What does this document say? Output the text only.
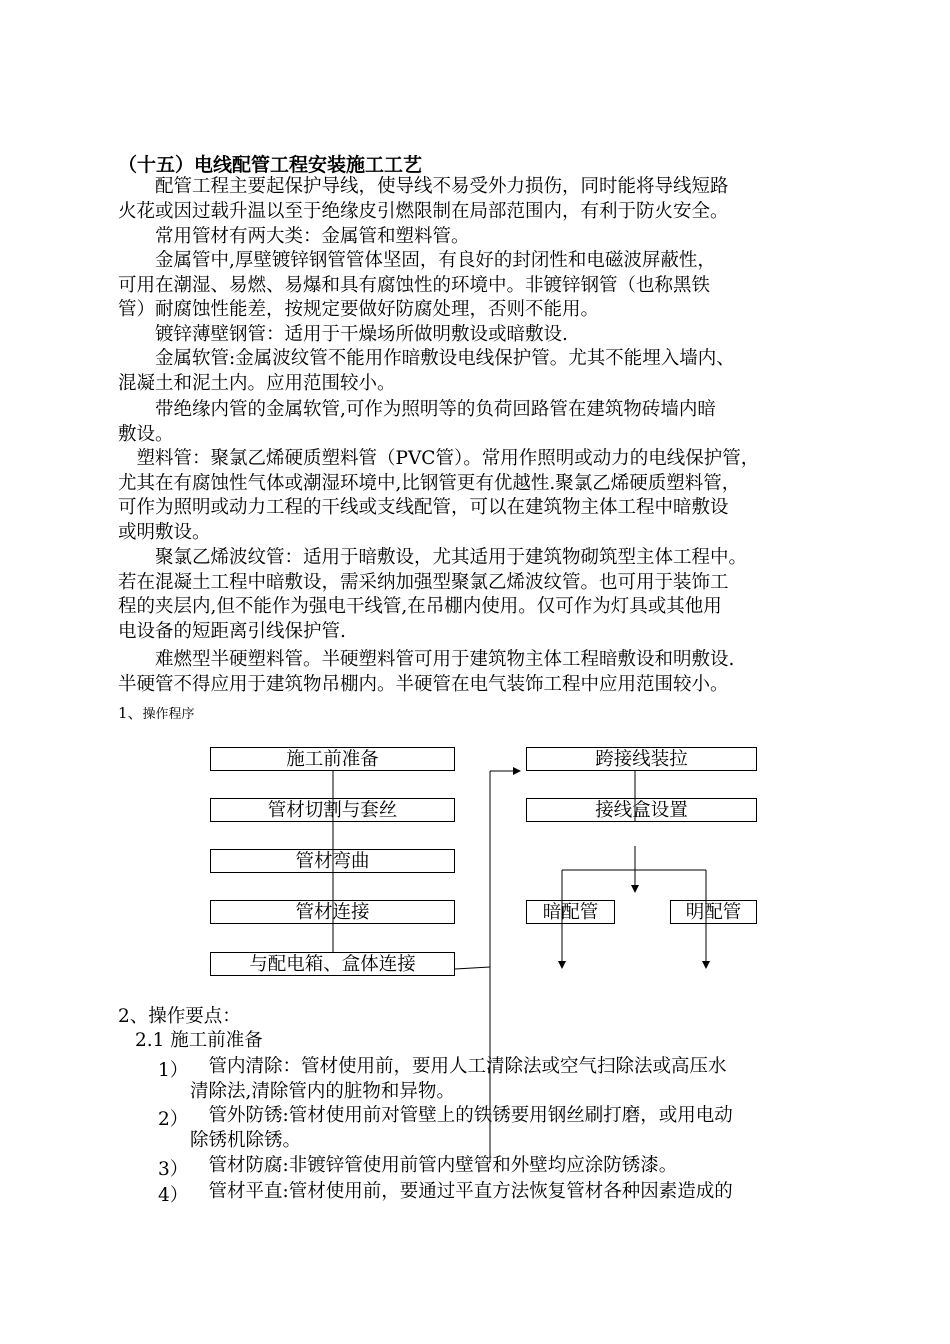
（十五）电线配管工程安装施工工艺
　　配管工程主要起保护导线，使导线不易受外力损伤，同时能将导线短路
火花或因过载升温以至于绝缘皮引燃限制在局部范围内，有利于防火安全。
　　常用管材有两大类：金属管和塑料管。
　　金属管中,厚壁镀锌钢管管体坚固，有良好的封闭性和电磁波屏蔽性，
可用在潮湿、易燃、易爆和具有腐蚀性的环境中。非镀锌钢管（也称黑铁
管）耐腐蚀性能差，按规定要做好防腐处理，否则不能用。
　　镀锌薄壁钢管：适用于干燥场所做明敷设或暗敷设.
　　金属软管:金属波纹管不能用作暗敷设电线保护管。尤其不能埋入墙内、
混凝土和泥土内。应用范围较小。
　　带绝缘内管的金属软管,可作为照明等的负荷回路管在建筑物砖墙内暗
敷设。
　塑料管：聚氯乙烯硬质塑料管（PVC管）。常用作照明或动力的电线保护管，
尤其在有腐蚀性气体或潮湿环境中,比钢管更有优越性.聚氯乙烯硬质塑料管，
可作为照明或动力工程的干线或支线配管，可以在建筑物主体工程中暗敷设
或明敷设。
　　聚氯乙烯波纹管：适用于暗敷设，尤其适用于建筑物砌筑型主体工程中。
若在混凝土工程中暗敷设，需采纳加强型聚氯乙烯波纹管。也可用于装饰工
程的夹层内,但不能作为强电干线管,在吊棚内使用。仅可作为灯具或其他用
电设备的短距离引线保护管.
　　难燃型半硬塑料管。半硬塑料管可用于建筑物主体工程暗敷设和明敷设.
半硬管不得应用于建筑物吊棚内。半硬管在电气装饰工程中应用范围较小。
1、操作程序
施工前准备
管材切割与套丝
管材弯曲
管材连接
与配电箱、盒体连接
跨接线装拉
接线盒设置
暗配管	明配管
2、操作要点：
2.1 施工前准备
1） 　管内清除：管材使用前，要用人工清除法或空气扫除法或高压水
清除法,清除管内的脏物和异物。
2） 　管外防锈:管材使用前对管壁上的铁锈要用钢丝刷打磨，或用电动
除锈机除锈。
3） 　管材防腐:非镀锌管使用前管内壁管和外壁均应涂防锈漆。
4） 　管材平直:管材使用前，要通过平直方法恢复管材各种因素造成的
